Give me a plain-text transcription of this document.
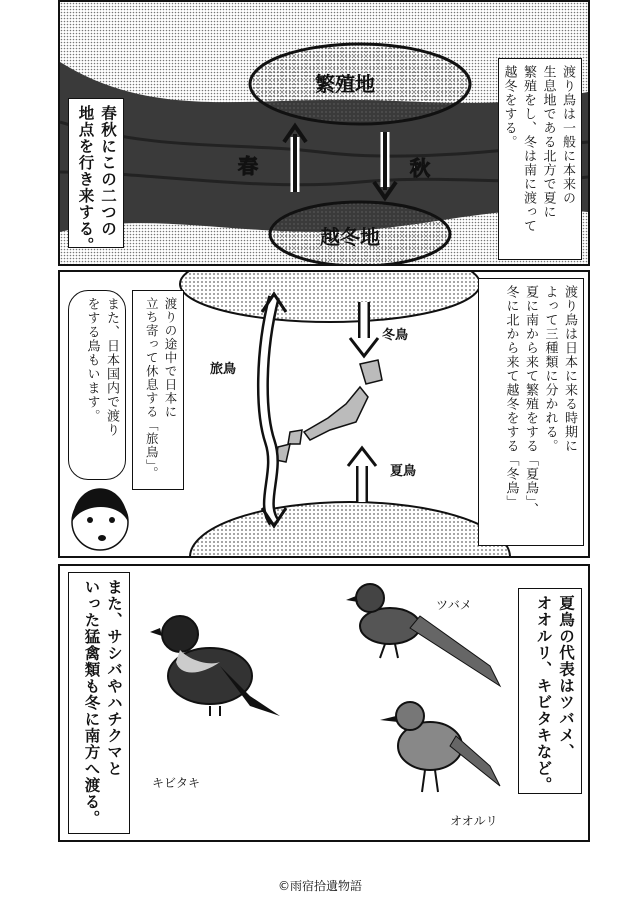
繁殖地
越冬地
春	秋	渡り鳥は一般に本来の
生息地である北方で夏に
繁殖をし、冬は南に渡って
越冬をする。
春秋にこの二つの
地点を行き来する。
冬鳥
夏鳥
旅鳥	渡り鳥は日本に来る時期に
よって三種類に分かれる。
夏に南から来て繁殖をする「夏鳥」、
冬に北から来て越冬をする「冬鳥」
渡りの途中で日本に
立ち寄って休息する「旅鳥」。
また、日本国内で渡り
をする鳥もいます。
キビタキ
ツバメ
オオルリ
夏鳥の代表はツバメ、
オオルリ、キビタキなど。
また、サシバやハチクマと
いった猛禽類も冬に南方へ渡る。
©雨宿拾遺物語
